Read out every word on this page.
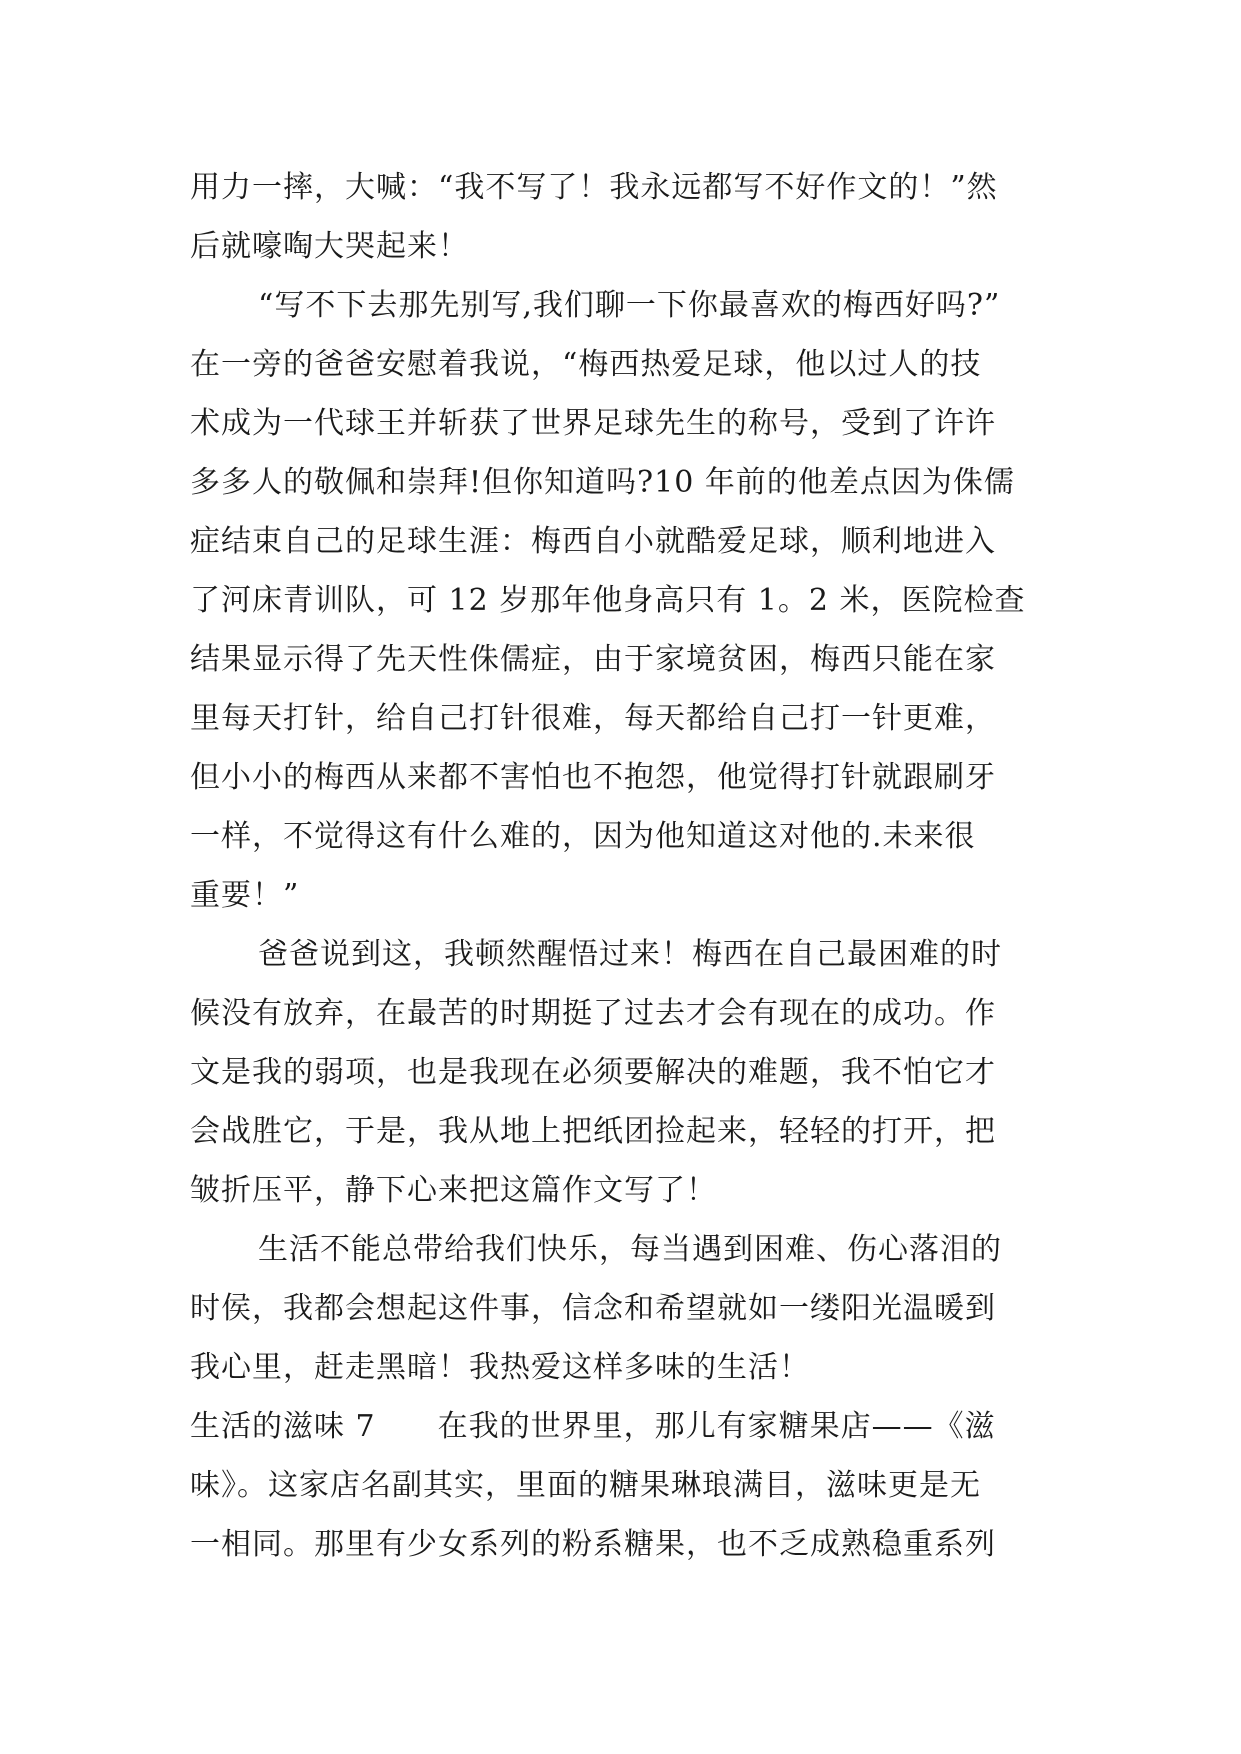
用力一摔，大喊：“我不写了！我永远都写不好作文的！”然
后就嚎啕大哭起来！
“写不下去那先别写,我们聊一下你最喜欢的梅西好吗?”
在一旁的爸爸安慰着我说，“梅西热爱足球，他以过人的技
术成为一代球王并斩获了世界足球先生的称号，受到了许许
多多人的敬佩和崇拜!但你知道吗?10 年前的他差点因为侏儒
症结束自己的足球生涯：梅西自小就酷爱足球，顺利地进入
了河床青训队，可 12 岁那年他身高只有 1。2 米，医院检查
结果显示得了先天性侏儒症，由于家境贫困，梅西只能在家
里每天打针，给自己打针很难，每天都给自己打一针更难，
但小小的梅西从来都不害怕也不抱怨，他觉得打针就跟刷牙
一样，不觉得这有什么难的，因为他知道这对他的.未来很
重要！”
爸爸说到这，我顿然醒悟过来！梅西在自己最困难的时
候没有放弃，在最苦的时期挺了过去才会有现在的成功。作
文是我的弱项，也是我现在必须要解决的难题，我不怕它才
会战胜它，于是，我从地上把纸团捡起来，轻轻的打开，把
皱折压平，静下心来把这篇作文写了！
生活不能总带给我们快乐，每当遇到困难、伤心落泪的
时侯，我都会想起这件事，信念和希望就如一缕阳光温暖到
我心里，赶走黑暗！我热爱这样多味的生活！
生活的滋味 7 在我的世界里，那儿有家糖果店——《滋
味》。这家店名副其实，里面的糖果琳琅满目，滋味更是无
一相同。那里有少女系列的粉系糖果，也不乏成熟稳重系列
